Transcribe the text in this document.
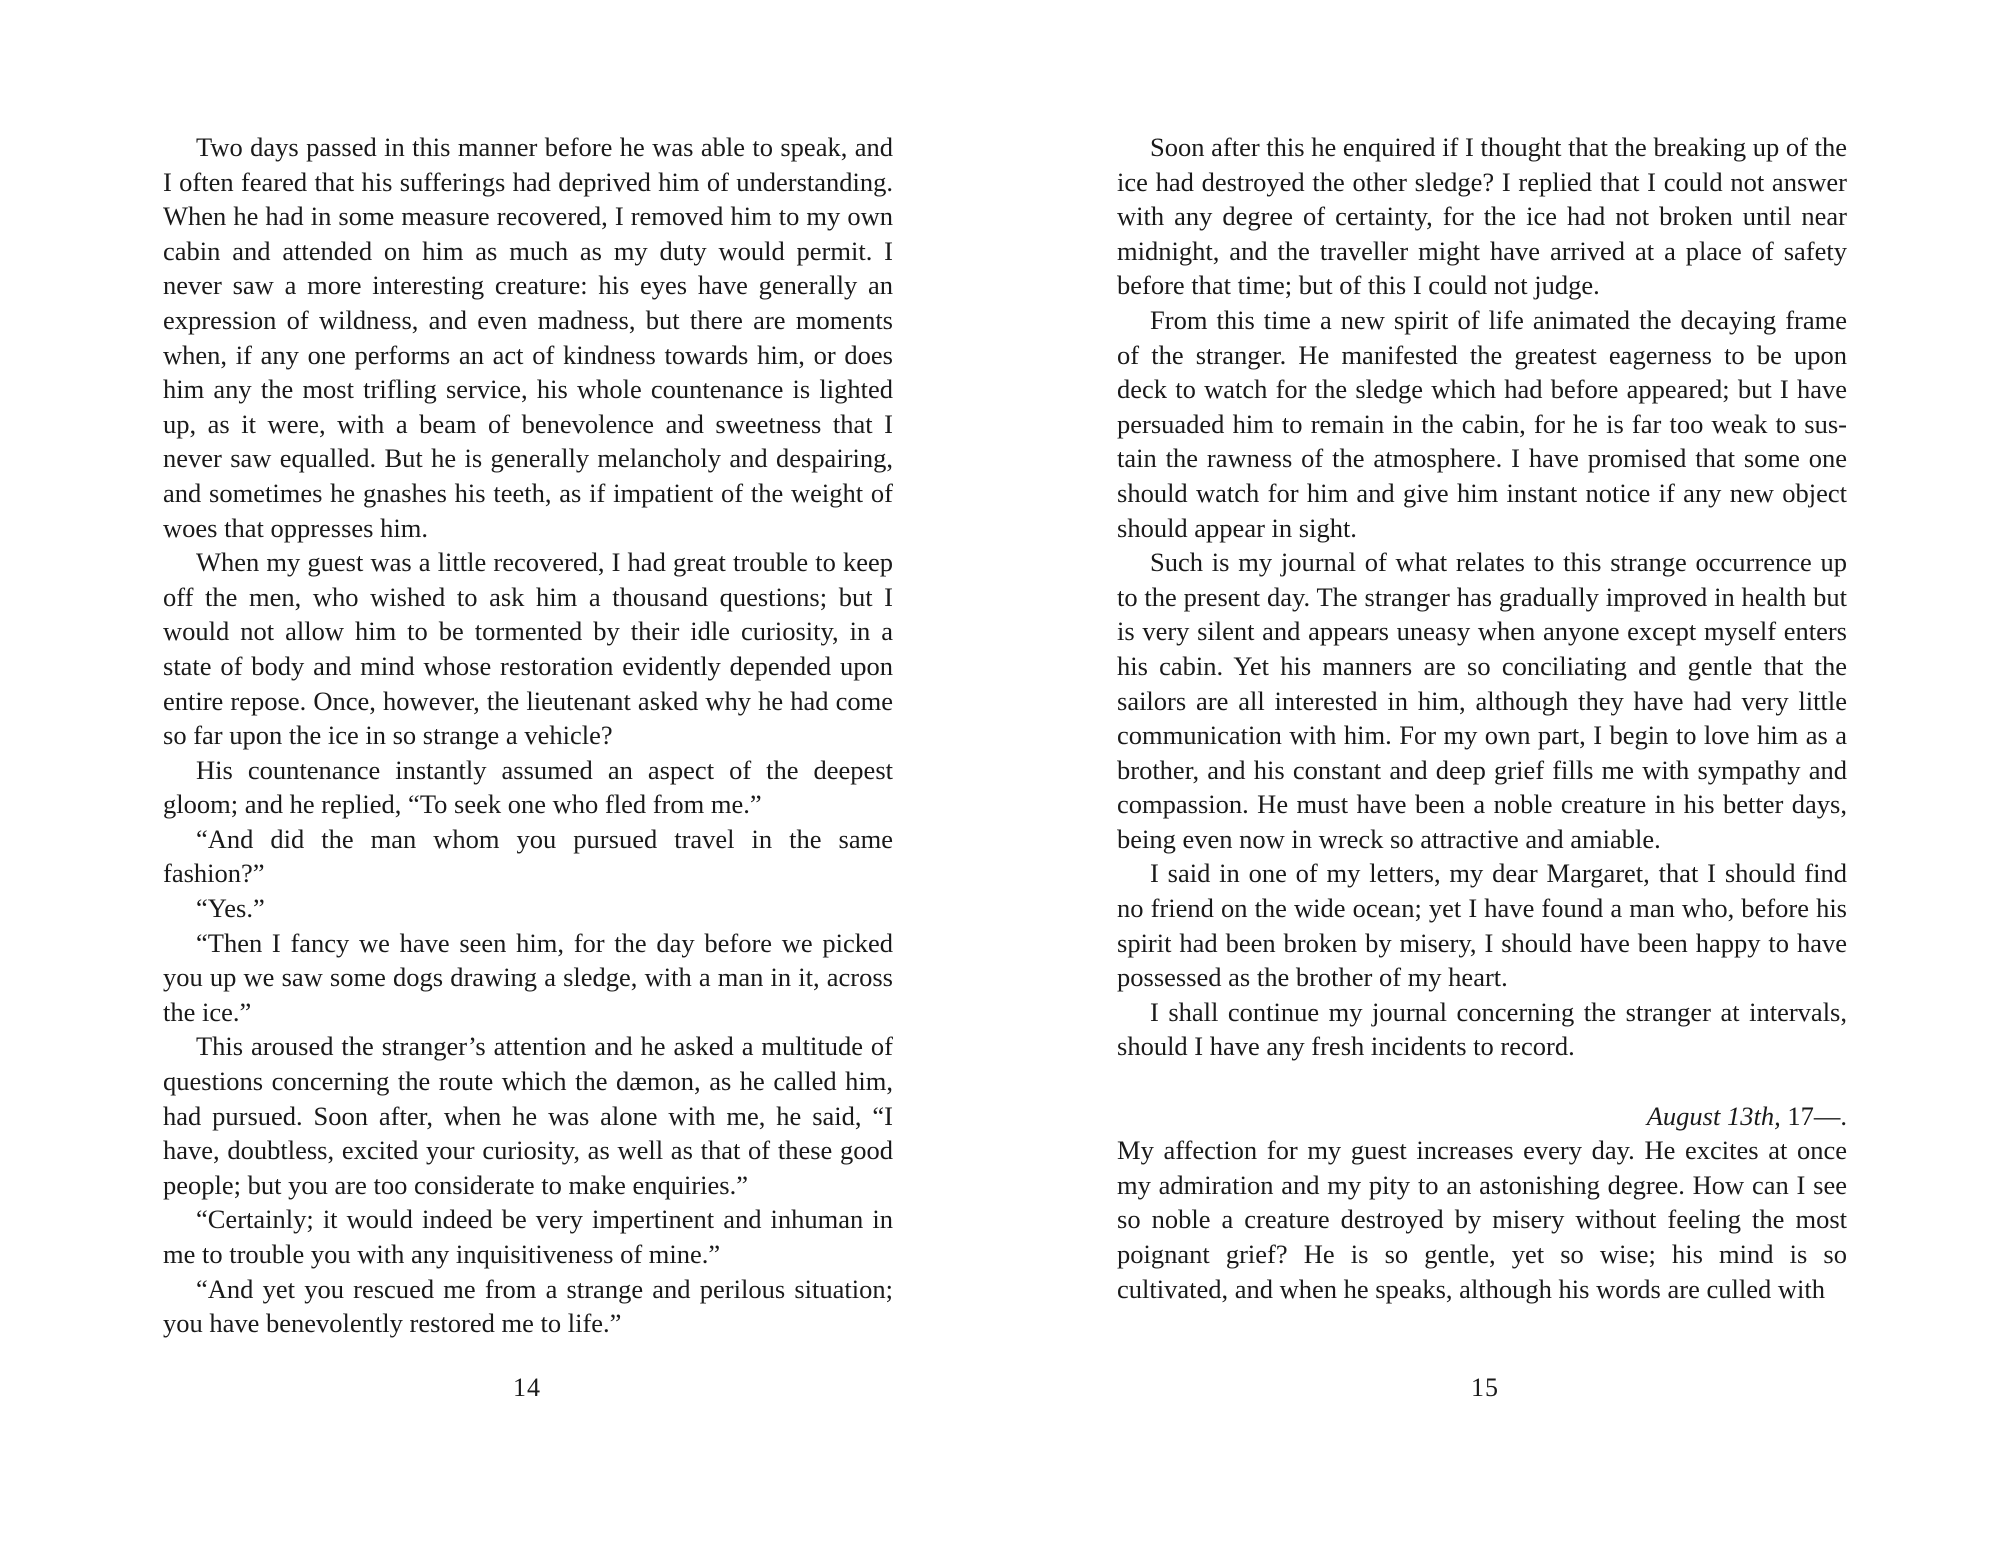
Two days passed in this manner before he was able to speak, and I often feared that his sufferings had deprived him of understanding. When he had in some measure recovered, I removed him to my own cabin and attended on him as much as my duty would permit. I never saw a more interesting creature: his eyes have generally an expression of wildness, and even madness, but there are moments when, if any one performs an act of kindness towards him, or does him any the most trifling service, his whole countenance is lighted up, as it were, with a beam of benevolence and sweetness that I never saw equalled. But he is generally melancholy and despairing, and sometimes he gnashes his teeth, as if impatient of the weight of woes that oppresses him.

When my guest was a little recovered, I had great trouble to keep off the men, who wished to ask him a thousand questions; but I would not allow him to be tormented by their idle curiosity, in a state of body and mind whose restoration evidently depended upon entire repose. Once, however, the lieutenant asked why he had come so far upon the ice in so strange a vehicle?

His countenance instantly assumed an aspect of the deepest gloom; and he replied, “To seek one who fled from me.”

“And did the man whom you pursued travel in the same fashion?”

“Yes.”

“Then I fancy we have seen him, for the day before we picked you up we saw some dogs drawing a sledge, with a man in it, across the ice.”

This aroused the stranger’s attention and he asked a multitude of questions concerning the route which the dæmon, as he called him, had pursued. Soon after, when he was alone with me, he said, “I have, doubtless, excited your curiosity, as well as that of these good people; but you are too considerate to make enquiries.”

“Certainly; it would indeed be very impertinent and inhuman in me to trouble you with any inquisitiveness of mine.”

“And yet you rescued me from a strange and perilous situation; you have benevolently restored me to life.”

14

Soon after this he enquired if I thought that the breaking up of the ice had destroyed the other sledge? I replied that I could not answer with any degree of certainty, for the ice had not broken until near midnight, and the traveller might have arrived at a place of safety before that time; but of this I could not judge.

From this time a new spirit of life animated the decaying frame of the stranger. He manifested the greatest eagerness to be upon deck to watch for the sledge which had before appeared; but I have persuaded him to remain in the cabin, for he is far too weak to sustain the rawness of the atmosphere. I have promised that some one should watch for him and give him instant notice if any new object should appear in sight.

Such is my journal of what relates to this strange occurrence up to the present day. The stranger has gradually improved in health but is very silent and appears uneasy when anyone except myself enters his cabin. Yet his manners are so conciliating and gentle that the sailors are all interested in him, although they have had very little communication with him. For my own part, I begin to love him as a brother, and his constant and deep grief fills me with sympathy and compassion. He must have been a noble creature in his better days, being even now in wreck so attractive and amiable.

I said in one of my letters, my dear Margaret, that I should find no friend on the wide ocean; yet I have found a man who, before his spirit had been broken by misery, I should have been happy to have possessed as the brother of my heart.

I shall continue my journal concerning the stranger at intervals, should I have any fresh incidents to record.

August 13th, 17—.

My affection for my guest increases every day. He excites at once my admiration and my pity to an astonishing degree. How can I see so noble a creature destroyed by misery without feeling the most poignant grief? He is so gentle, yet so wise; his mind is so cultivated, and when he speaks, although his words are culled with

15
